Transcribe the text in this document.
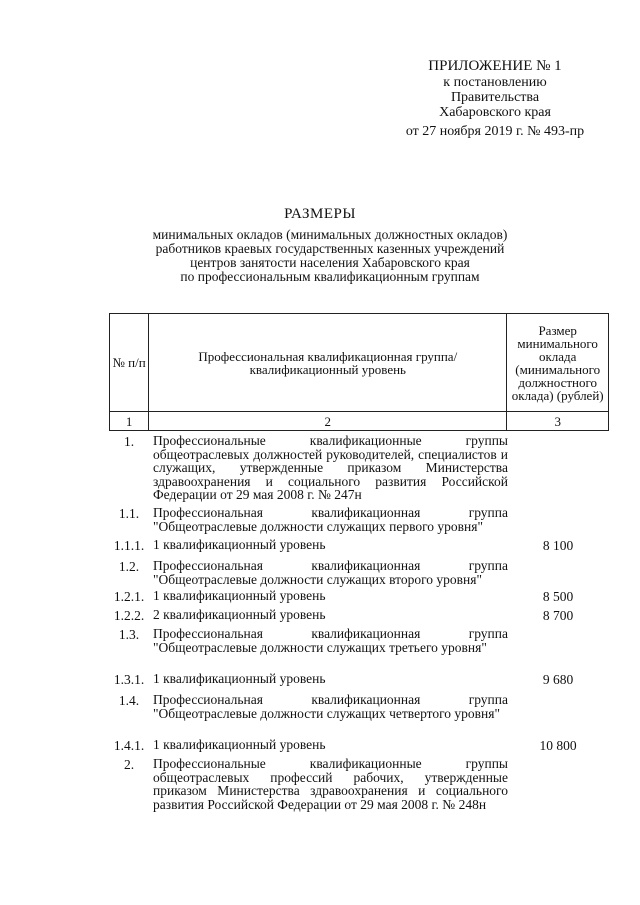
ПРИЛОЖЕНИЕ № 1
к постановлению
Правительства
Хабаровского края
от 27 ноября 2019 г. № 493-пр
РАЗМЕРЫ
минимальных окладов (минимальных должностных окладов)
работников краевых государственных казенных учреждений
центров занятости населения Хабаровского края
по профессиональным квалификационным группам
№ п/п	Профессиональная квалификационная группа/ квалификационный уровень	Размер минимального оклада (минимального должностного оклада) (рублей)
1	2	3
1.	Профессиональные квалификационные группы общеотраслевых должностей руководителей, специалистов и служащих, утвержденные приказом Министерства здравоохранения и социального развития Российской Федерации от 29 мая 2008 г. № 247н
1.1.	Профессиональная квалификационная группа "Общеотраслевые должности служащих первого уровня"
1.1.1. 1 квалификационный уровень	8 100
1.2.	Профессиональная квалификационная группа "Общеотраслевые должности служащих второго уровня"
1.2.1. 1 квалификационный уровень	8 500
1.2.2. 2 квалификационный уровень	8 700
1.3.	Профессиональная квалификационная группа "Общеотраслевые должности служащих третьего уровня"
1.3.1. 1 квалификационный уровень	9 680
1.4.	Профессиональная квалификационная группа "Общеотраслевые должности служащих четвертого уровня"
1.4.1. 1 квалификационный уровень	10 800
2.	Профессиональные квалификационные группы общеотраслевых профессий рабочих, утвержденные приказом Министерства здравоохранения и социального развития Российской Федерации от 29 мая 2008 г. № 248н
